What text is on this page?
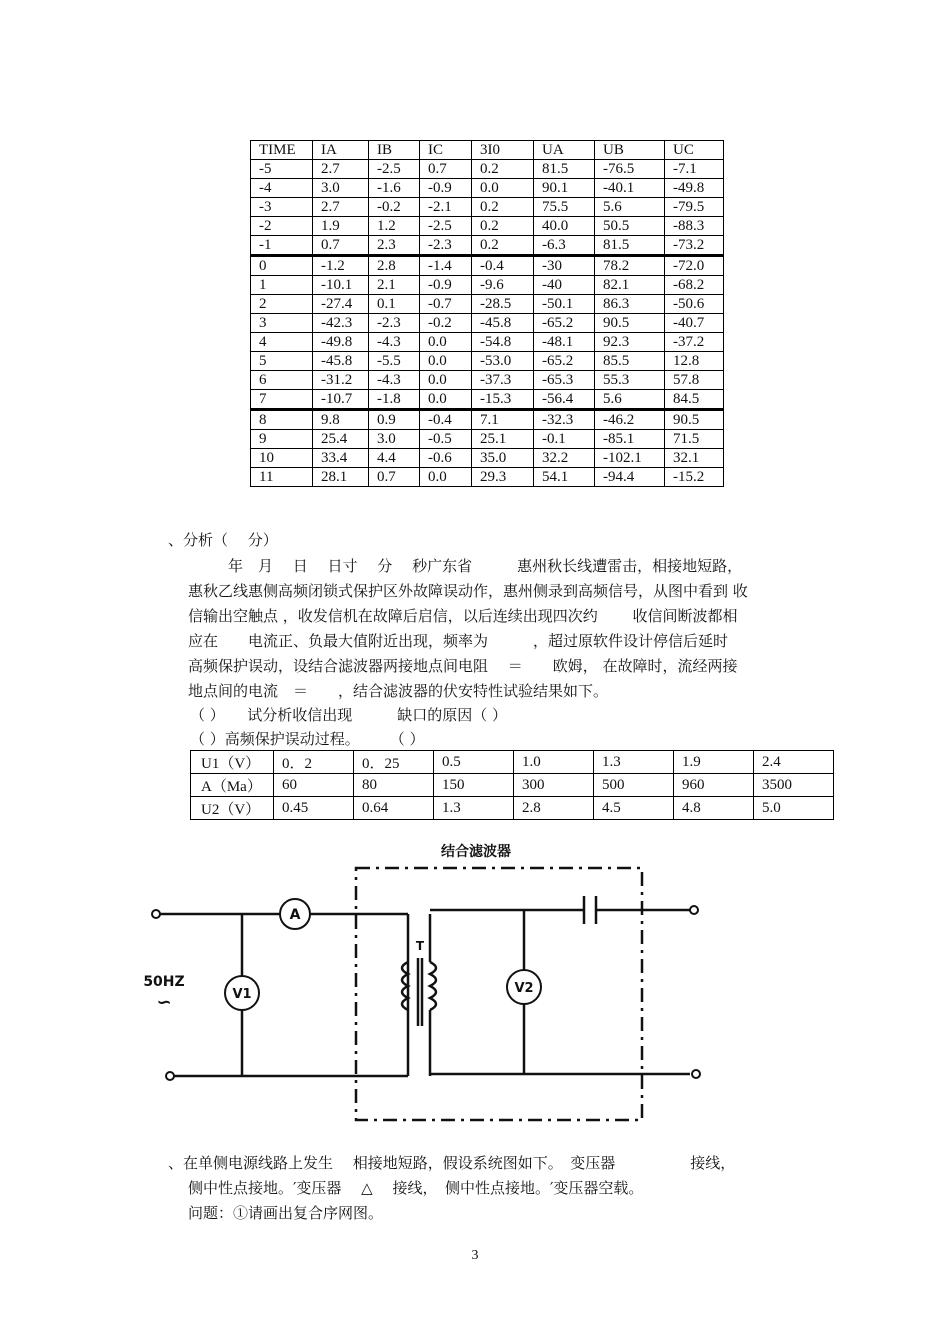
TIME	IA	IB	IC	3I0	UA	UB	UC
-5	2.7	-2.5	0.7	0.2	81.5	-76.5	-7.1
-4	3.0	-1.6	-0.9	0.0	90.1	-40.1	-49.8
-3	2.7	-0.2	-2.1	0.2	75.5	5.6	-79.5
-2	1.9	1.2	-2.5	0.2	40.0	50.5	-88.3
-1	0.7	2.3	-2.3	0.2	-6.3	81.5	-73.2
0	-1.2	2.8	-1.4	-0.4	-30	78.2	-72.0
1	-10.1	2.1	-0.9	-9.6	-40	82.1	-68.2
2	-27.4	0.1	-0.7	-28.5	-50.1	86.3	-50.6
3	-42.3	-2.3	-0.2	-45.8	-65.2	90.5	-40.7
4	-49.8	-4.3	0.0	-54.8	-48.1	92.3	-37.2
5	-45.8	-5.5	0.0	-53.0	-65.2	85.5	12.8
6	-31.2	-4.3	0.0	-37.3	-65.3	55.3	57.8
7	-10.7	-1.8	0.0	-15.3	-56.4	5.6	84.5
8	9.8	0.9	-0.4	7.1	-32.3	-46.2	90.5
9	25.4	3.0	-0.5	25.1	-0.1	-85.1	71.5
10	33.4	4.4	-0.6	35.0	32.2	-102.1	32.1
11	28.1	0.7	0.0	29.3	54.1	-94.4	-15.2
、分析（　 分）
年　月　 日　 日寸　 分　 秒广东省　　　惠州秋长线遭雷击，相接地短路，
惠秋乙线惠侧高频闭锁式保护区外故障误动作，惠州侧录到高频信号，从图中看到 收
信输出空触点 ，收发信机在故障后启信，以后连续出现四次约　　 收信间断波都相
应在　　电流正、负最大值附近出现，频率为　　　，超过原软件设计停信后延时
高频保护误动，设结合滤波器两接地点间电阻　 ＝　　欧姆， 在故障时，流经两接
地点间的电流　＝　　，结合滤波器的伏安特性试验结果如下。
（ ）　　试分析收信出现　　　缺口的原因（ ）
（ ）高频保护误动过程。　　　（ ）
U1（V）	0．2	0．25	0.5	1.0	1.3	1.9	2.4
A（Ma）	60	80	150	300	500	960	3500
U2（V）	0.45	0.64	1.3	2.8	4.5	4.8	5.0
A
V1	V2
T
50HZ
∽
结合滤波器
、在单侧电源线路上发生　 相接地短路，假设系统图如下。　变压器　　　　　接线，
侧中性点接地。′变压器　 △　 接线，　侧中性点接地。′变压器空载。
问题：①请画出复合序网图。
3
